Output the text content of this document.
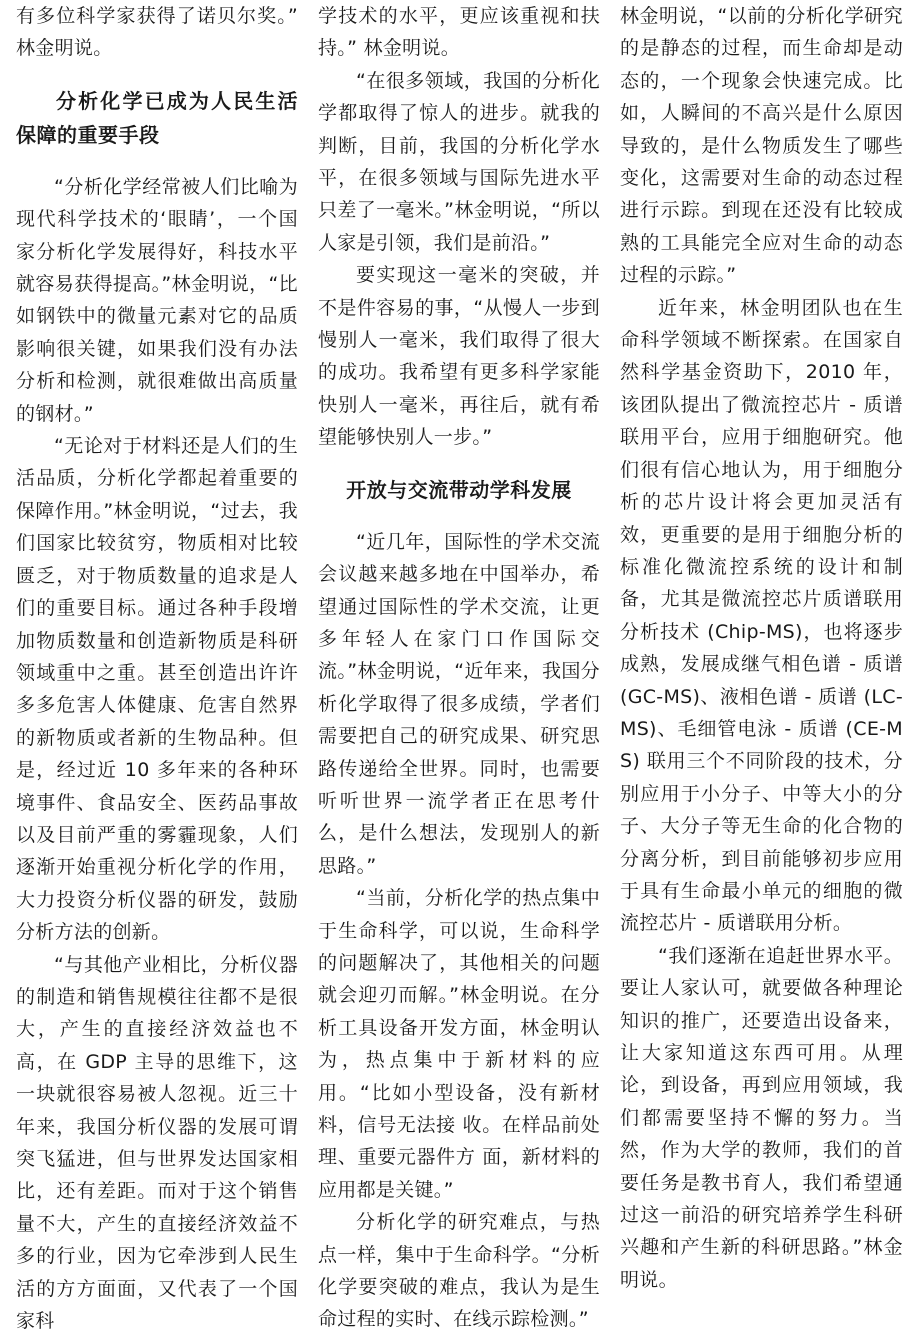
有多位科学家获得了诺贝尔奖。” 林金明说。

分析化学已成为人民生活保障的重要手段

“分析化学经常被人们比喻为现代科学技术的‘眼睛’，一个国家分析化学发展得好，科技水平就容易获得提高。”林金明说，“比如钢铁中的微量元素对它的品质影响很关键，如果我们没有办法分析和检测，就很难做出高质量的钢材。”

“无论对于材料还是人们的生活品质，分析化学都起着重要的保障作用。”林金明说，“过去，我们国家比较贫穷，物质相对比较匮乏，对于物质数量的追求是人们的重要目标。通过各种手段增加物质数量和创造新物质是科研领域重中之重。甚至创造出许许多多危害人体健康、危害自然界的新物质或者新的生物品种。但是，经过近 10 多年来的各种环境事件、食品安全、医药品事故以及目前严重的雾霾现象，人们逐渐开始重视分析化学的作用，大力投资分析仪器的研发，鼓励分析方法的创新。

“与其他产业相比，分析仪器的制造和销售规模往往都不是很大，产生的直接经济效益也不高，在 GDP 主导的思维下，这一块就很容易被人忽视。近三十年来，我国分析仪器的发展可谓突飞猛进，但与世界发达国家相比，还有差距。而对于这个销售量不大，产生的直接经济效益不多的行业，因为它牵涉到人民生活的方方面面，又代表了一个国家科

学技术的水平，更应该重视和扶持。” 林金明说。

“在很多领域，我国的分析化学都取得了惊人的进步。就我的判断，目前，我国的分析化学水平，在很多领域与国际先进水平只差了一毫米。”林金明说，“所以人家是引领，我们是前沿。”

要实现这一毫米的突破，并不是件容易的事，“从慢人一步到慢别人一毫米，我们取得了很大的成功。我希望有更多科学家能快别人一毫米，再往后，就有希望能够快别人一步。”

开放与交流带动学科发展

“近几年，国际性的学术交流会议越来越多地在中国举办，希望通过国际性的学术交流，让更多年轻人在家门口作国际交流。”林金明说，“近年来，我国分析化学取得了很多成绩，学者们需要把自己的研究成果、研究思路传递给全世界。同时，也需要听听世界一流学者正在思考什么，是什么想法，发现别人的新思路。”

“当前，分析化学的热点集中于生命科学，可以说，生命科学的问题解决了，其他相关的问题就会迎刃而解。”林金明说。在分析工具设备开发方面，林金明认为，热点集中于新材料的应用。“比如小型设备，没有新材料，信号无法接 收。在样品前处理、重要元器件方 面，新材料的应用都是关键。”

分析化学的研究难点，与热点一样，集中于生命科学。“分析化学要突破的难点，我认为是生命过程的实时、在线示踪检测。”

林金明说，“以前的分析化学研究的是静态的过程，而生命却是动态的，一个现象会快速完成。比如，人瞬间的不高兴是什么原因导致的，是什么物质发生了哪些变化，这需要对生命的动态过程进行示踪。到现在还没有比较成熟的工具能完全应对生命的动态过程的示踪。”

近年来，林金明团队也在生命科学领域不断探索。在国家自然科学基金资助下，2010 年，该团队提出了微流控芯片 - 质谱联用平台，应用于细胞研究。他们很有信心地认为，用于细胞分析的芯片设计将会更加灵活有效，更重要的是用于细胞分析的标准化微流控系统的设计和制备，尤其是微流控芯片质谱联用分析技术 (Chip-MS)，也将逐步成熟，发展成继气相色谱 - 质谱 (GC-MS)、液相色谱 - 质谱 (LC-MS)、毛细管电泳 - 质谱 (CE-MS) 联用三个不同阶段的技术，分别应用于小分子、中等大小的分子、大分子等无生命的化合物的分离分析，到目前能够初步应用于具有生命最小单元的细胞的微流控芯片 - 质谱联用分析。

“我们逐渐在追赶世界水平。要让人家认可，就要做各种理论知识的推广，还要造出设备来，让大家知道这东西可用。从理论，到设备，再到应用领域，我们都需要坚持不懈的努力。当然，作为大学的教师，我们的首要任务是教书育人，我们希望通过这一前沿的研究培养学生科研兴趣和产生新的科研思路。”林金明说。
